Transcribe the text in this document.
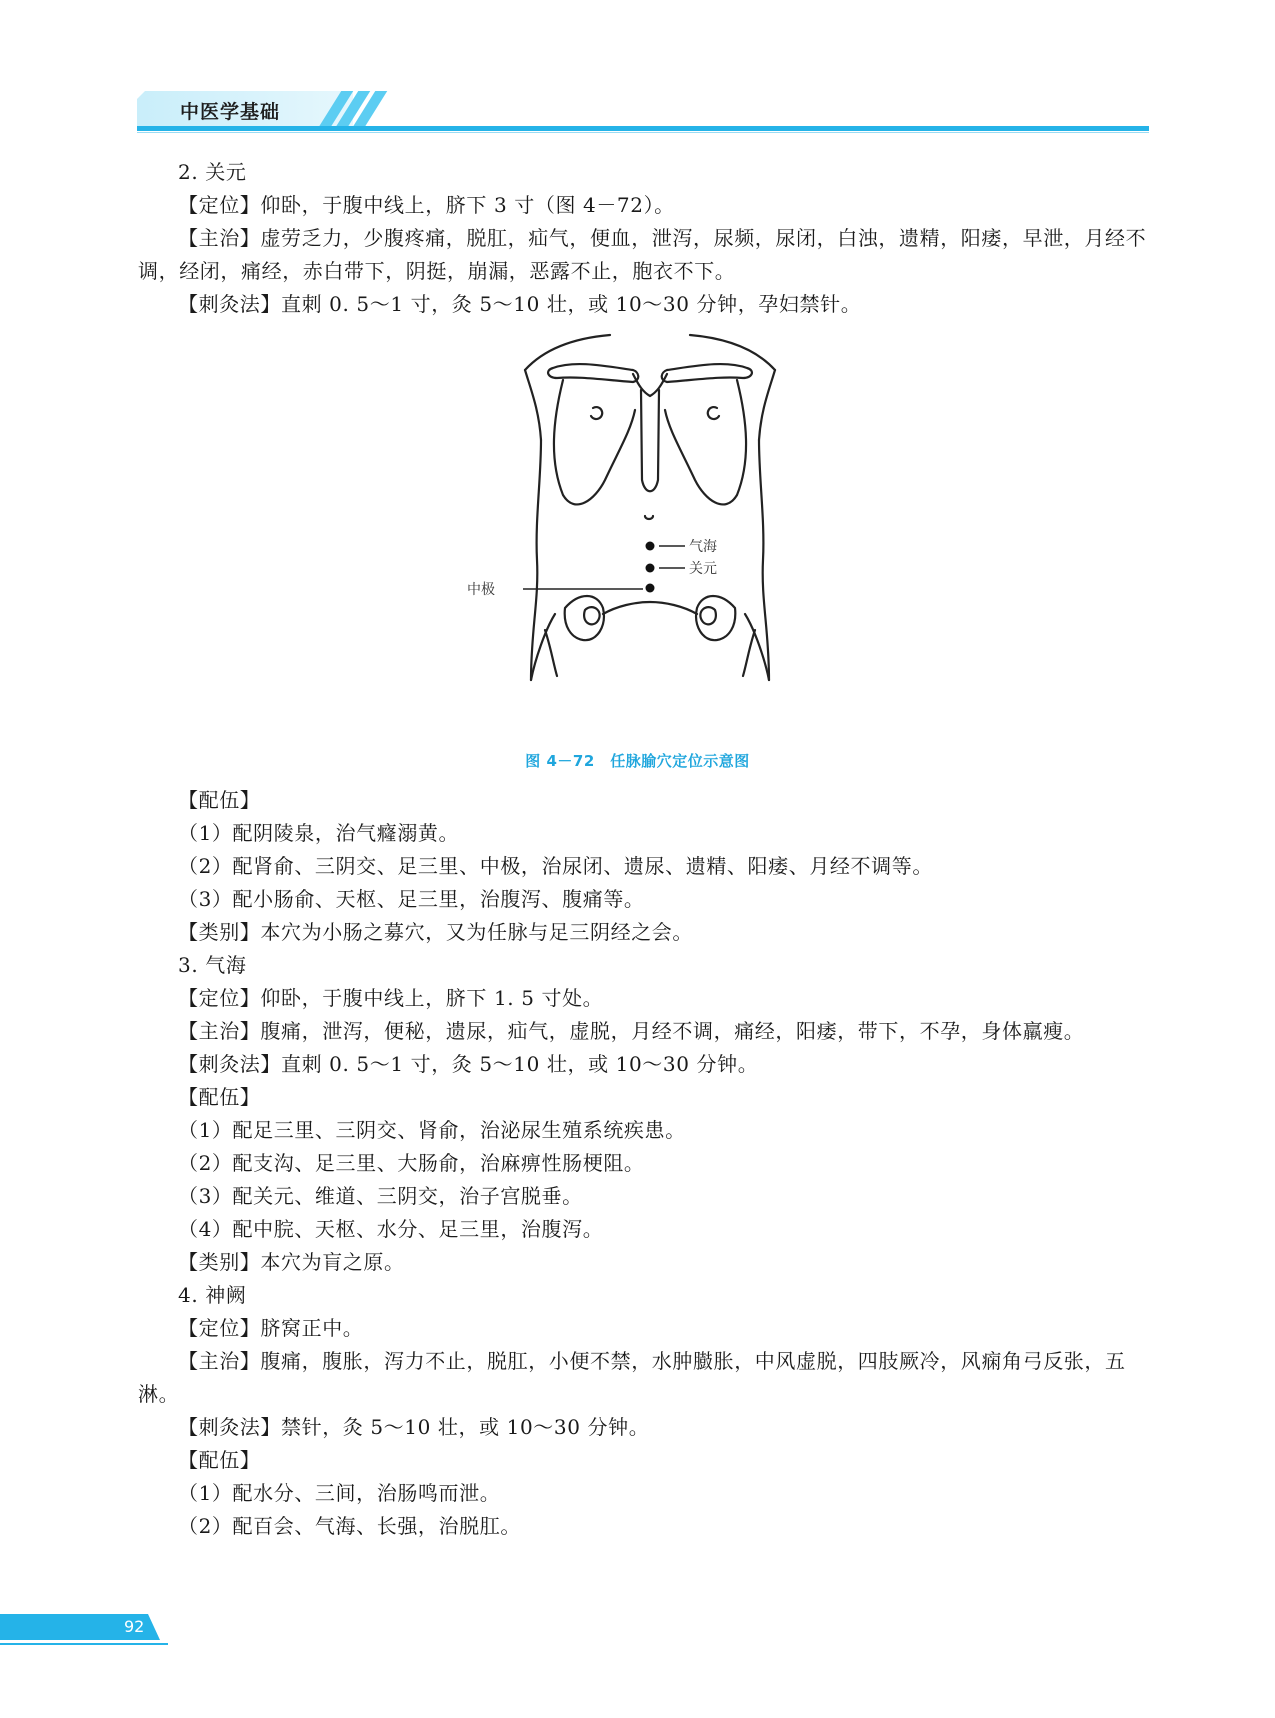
中医学基础

2. 关元

【定位】仰卧，于腹中线上，脐下 3 寸（图 4－72）。

【主治】虚劳乏力，少腹疼痛，脱肛，疝气，便血，泄泻，尿频，尿闭，白浊，遗精，阳痿，早泄，月经不调，经闭，痛经，赤白带下，阴挺，崩漏，恶露不止，胞衣不下。

【刺灸法】直刺 0. 5～1 寸，灸 5～10 壮，或 10～30 分钟，孕妇禁针。

气海
关元
中极
图 4－72　任脉腧穴定位示意图

【配伍】

（1）配阴陵泉，治气癃溺黄。

（2）配肾俞、三阴交、足三里、中极，治尿闭、遗尿、遗精、阳痿、月经不调等。

（3）配小肠俞、天枢、足三里，治腹泻、腹痛等。

【类别】本穴为小肠之募穴，又为任脉与足三阴经之会。

3. 气海

【定位】仰卧，于腹中线上，脐下 1. 5 寸处。

【主治】腹痛，泄泻，便秘，遗尿，疝气，虚脱，月经不调，痛经，阳痿，带下，不孕，身体羸瘦。

【刺灸法】直刺 0. 5～1 寸，灸 5～10 壮，或 10～30 分钟。

【配伍】

（1）配足三里、三阴交、肾俞，治泌尿生殖系统疾患。

（2）配支沟、足三里、大肠俞，治麻痹性肠梗阻。

（3）配关元、维道、三阴交，治子宫脱垂。

（4）配中脘、天枢、水分、足三里，治腹泻。

【类别】本穴为肓之原。

4. 神阙

【定位】脐窝正中。

【主治】腹痛，腹胀，泻力不止，脱肛，小便不禁，水肿臌胀，中风虚脱，四肢厥冷，风痫角弓反张，五淋。

【刺灸法】禁针，灸 5～10 壮，或 10～30 分钟。

【配伍】

（1）配水分、三间，治肠鸣而泄。

（2）配百会、气海、长强，治脱肛。

92
